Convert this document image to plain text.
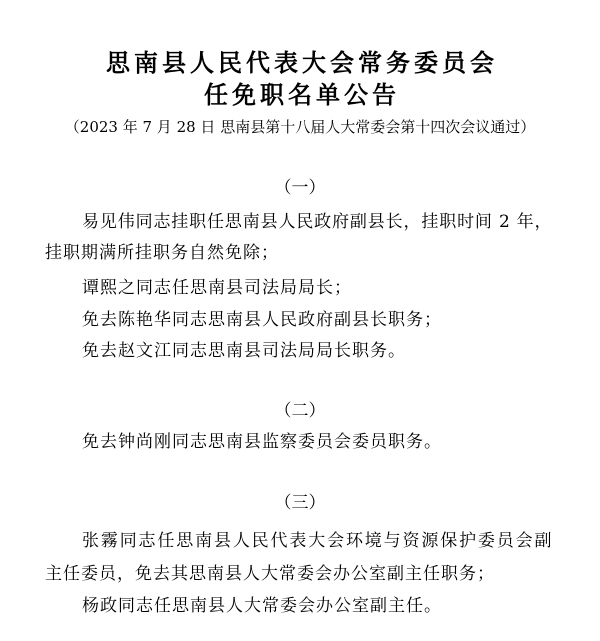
思南县人民代表大会常务委员会
任免职名单公告
（2023 年 7 月 28 日 思南县第十八届人大常委会第十四次会议通过）
（一）
易见伟同志挂职任思南县人民政府副县长，挂职时间 2 年，
挂职期满所挂职务自然免除；
谭熙之同志任思南县司法局局长；
免去陈艳华同志思南县人民政府副县长职务；
免去赵文江同志思南县司法局局长职务。
（二）
免去钟尚刚同志思南县监察委员会委员职务。
（三）
张霧同志任思南县人民代表大会环境与资源保护委员会副
主任委员，免去其思南县人大常委会办公室副主任职务；
杨政同志任思南县人大常委会办公室副主任。
